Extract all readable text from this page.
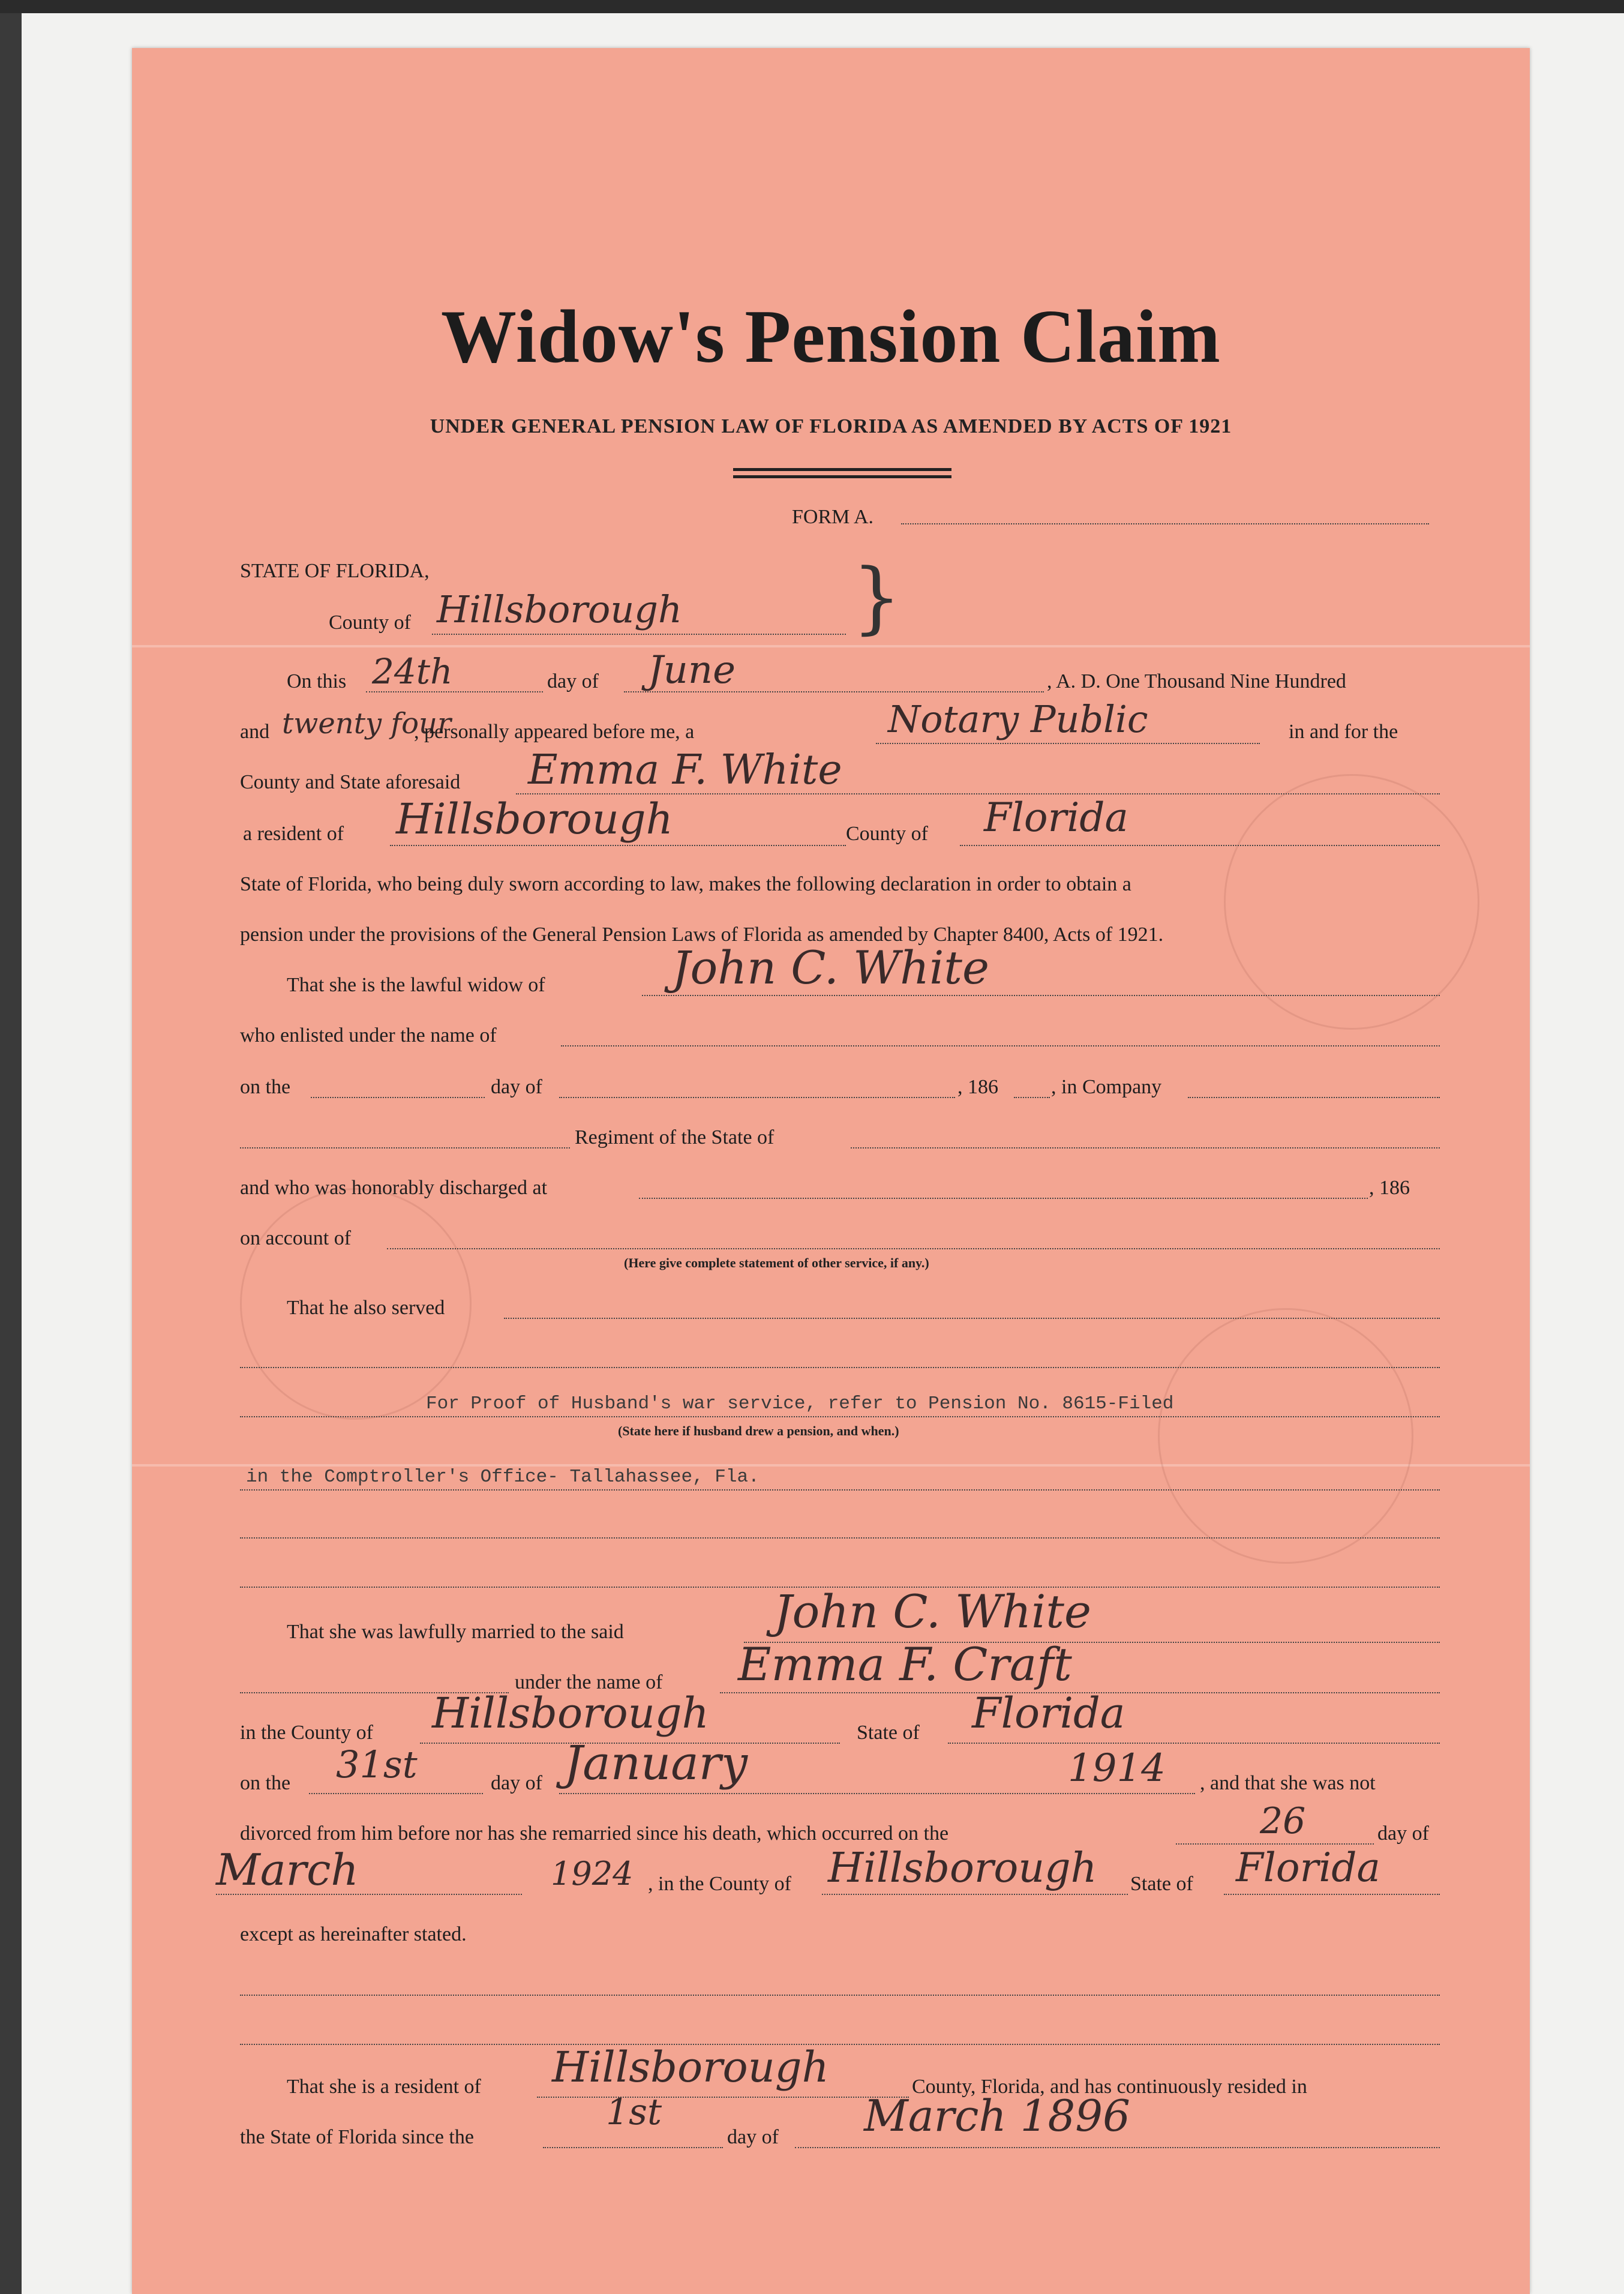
Widow's Pension Claim
UNDER GENERAL PENSION LAW OF FLORIDA AS AMENDED BY ACTS OF 1921
FORM A.
STATE OF FLORIDA,
County of Hillsborough }
On this 24th	day of June	, A. D. One Thousand Nine Hundred
and twenty four
, personally appeared before me, a	Notary Public	in and for the
County and State aforesaid Emma F. White
a resident of Hillsborough	County of Florida
State of Florida, who being duly sworn according to law, makes the following declaration in order to obtain a
pension under the provisions of the General Pension Laws of Florida as amended by Chapter 8400, Acts of 1921.
That she is the lawful widow of	John C. White
who enlisted under the name of
on the	day of	, 186	, in Company
Regiment of the State of
and who was honorably discharged at	, 186
on account of
(Here give complete statement of other service, if any.)
That he also served
For Proof of Husband's war service, refer to Pension No. 8615-Filed
(State here if husband drew a pension, and when.)
in the Comptroller's Office- Tallahassee, Fla.
That she was lawfully married to the said	John C. White
under the name of Emma F. Craft
in the County of Hillsborough	State of Florida
on the 31st	day of January	1914 , and that she was not
divorced from him before nor has she remarried since his death, which occurred on the	26	day of
March	1924 , in the County of Hillsborough State of Florida
except as hereinafter stated.
That she is a resident of Hillsborough	County, Florida, and has continuously resided in
the State of Florida since the
1st
day of March 1896
